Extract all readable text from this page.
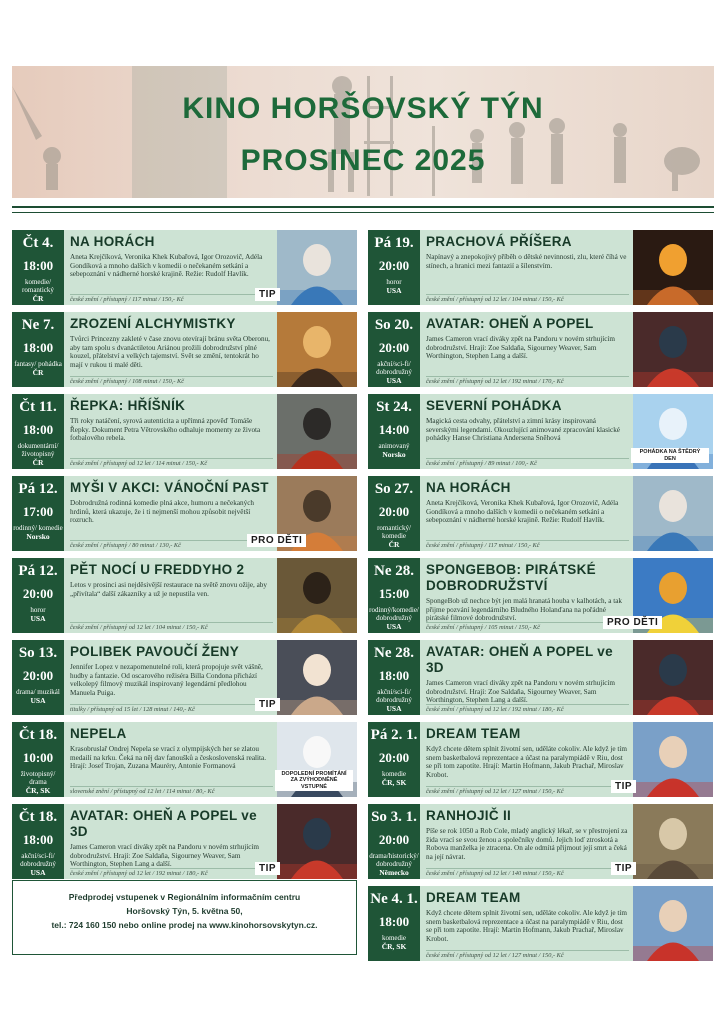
KINO HORŠOVSKÝ TÝN
PROSINEC 2025
Čt 4.
18:00
komedie/ romantický
ČR
NA HORÁCH
Aneta Krejčíková, Veronika Khek Kubařová, Igor Orozovič, Adéla Gondíková a mnoho dalších v komedii o nečekaném setkání a sebepoznání v nádherné horské krajině. Režie: Rudolf Havlík.
české znění / přístupný / 117 minut / 150,- Kč	TIP
Ne 7.
18:00
fantasy/ pohádka
ČR
ZROZENÍ ALCHYMISTKY
Tvůrci Princezny zakleté v čase znovu otevírají bránu světa Oberonu, aby tam spolu s dvanáctiletou Ariánou prožili dobrodružství plné kouzel, přátelství a velkých tajemství. Svět se změní, tentokrát ho mají v rukou ti malé děti.
české znění / přístupný / 108 minut / 150,- Kč
Čt 11.
18:00
dokumentární/ životopisný
ČR
ŘEPKA: HŘÍŠNÍK
Tři roky natáčení, syrová autenticita a upřímná zpověď Tomáše Řepky. Dokument Petra Větrovského odhaluje momenty ze života fotbalového rebela.
české znění / přístupný od 12 let / 114 minut / 150,- Kč
Pá 12.
17:00
rodinný/ komedie
Norsko
MYŠI V AKCI: VÁNOČNÍ PAST
Dobrodružná rodinná komedie plná akce, humoru a nečekaných hrdinů, která ukazuje, že i ti nejmenší mohou způsobit největší rozruch.
české znění / přístupný / 80 minut / 130,- Kč	PRO DĚTI
Pá 12.
20:00
horor
USA
PĚT NOCÍ U FREDDYHO 2
Letos v prosinci asi nejděsivější restaurace na světě znovu ožije, aby „přivítala“ další zákazníky a už je nepustila ven.
české znění / přístupný od 12 let / 104 minut / 150,- Kč
So 13.
20:00
drama/ muzikál
USA
POLIBEK PAVOUČÍ ŽENY
Jennifer Lopez v nezapomenutelné roli, která propojuje svět vášně, hudby a fantazie. Od oscarového režiséra Billa Condona přichází velkolepý filmový muzikál inspirovaný legendární předlohou Manuela Puiga.
titulky / přístupný od 15 let / 128 minut / 140,- Kč	TIP
Čt 18.
10:00
životopisný/ drama
ČR, SK
NEPELA
Krasobruslař Ondrej Nepela se vrací z olympijských her se zlatou medailí na krku. Čeká na něj dav fanoušků a československá realita. Hrají: Josef Trojan, Zuzana Mauréry, Antonie Formanová
slovenské znění / přístupný od 12 let / 114 minut / 80,- Kč
DOPOLEDNÍ PROMÍTÁNÍ ZA ZVÝHODNĚNÉ VSTUPNÉ
Čt 18.
18:00
akční/sci-fi/ dobrodružný
USA
AVATAR: OHEŇ A POPEL ve 3D
James Cameron vrací diváky zpět na Pandoru v novém strhujícím dobrodružství. Hrají: Zoe Saldaña, Sigourney Weaver, Sam Worthington, Stephen Lang a další.
české znění / přístupný od 12 let / 192 minut / 180,- Kč	TIP
Pá 19.
20:00
horor
USA
PRACHOVÁ PŘÍŠERA
Napínavý a znepokojivý příběh o dětské nevinnosti, zlu, které číhá ve stínech, a hranici mezi fantazií a šílenstvím.
české znění / přístupný od 12 let / 104 minut / 150,- Kč
So 20.
20:00
akční/sci-fi/ dobrodružný
USA
AVATAR: OHEŇ A POPEL
James Cameron vrací diváky zpět na Pandoru v novém strhujícím dobrodružství. Hrají: Zoe Saldaña, Sigourney Weaver, Sam Worthington, Stephen Lang a další.
české znění / přístupný od 12 let / 192 minut / 170,- Kč
St 24.
14:00
animovaný
Norsko
SEVERNÍ POHÁDKA
Magická cesta odvahy, přátelství a zimní krásy inspirovaná severskými legendami. Okouzlující animované zpracování klasické pohádky Hanse Christiana Andersena Sněhová
české znění / přístupný / 89 minut / 100,- Kč
POHÁDKA NA ŠTĚDRÝ DEN
So 27.
20:00
romantický/ komedie
ČR
NA HORÁCH
Aneta Krejčíková, Veronika Khek Kubařová, Igor Orozovič, Adéla Gondíková a mnoho dalších v komedii o nečekaném setkání a sebepoznání v nádherné horské krajině. Režie: Rudolf Havlík.
české znění / přístupný / 117 minut / 150,- Kč
Ne 28.
15:00
rodinný/komedie/ dobrodružný
USA
SPONGEBOB: PIRÁTSKÉ DOBRODRUŽSTVÍ
SpongeBob už nechce být jen malá hranatá houba v kalhotách, a tak přijme pozvání legendárního Bludného Holanďana na pořádné pirátské filmové dobrodružství.
české znění / přístupný / 105 minut / 150,- Kč	PRO DĚTI
Ne 28.
18:00
akční/sci-fi/ dobrodružný
USA
AVATAR: OHEŇ A POPEL ve 3D
James Cameron vrací diváky zpět na Pandoru v novém strhujícím dobrodružství. Hrají: Zoe Saldaña, Sigourney Weaver, Sam Worthington, Stephen Lang a další.
české znění / přístupný od 12 let / 192 minut / 180,- Kč
Pá 2. 1.
20:00
komedie
ČR, SK
DREAM TEAM
Když chcete dětem splnit životní sen, uděláte cokoliv. Ale když je tím snem basketbalová reprezentace a účast na paralympiádě v Riu, dost se při tom zapotíte. Hrají: Martin Hofmann, Jakub Prachař, Miroslav Krobot.
české znění / přístupný od 12 let / 127 minut / 150,- Kč	TIP
So 3. 1.
20:00
drama/historický/ dobrodružný
Německo
RANHOJIČ II
Píše se rok 1050 a Rob Cole, mladý anglický lékař, se v přestrojení za žida vrací se svou ženou a společníky domů. Jejich loď ztroskotá a Robova manželka je ztracena. On ale odmítá přijmout její smrt a čeká na její návrat.
české znění / přístupný od 12 let / 140 minut / 150,- Kč	TIP
Ne 4. 1.
18:00
komedie
ČR, SK
DREAM TEAM
Když chcete dětem splnit životní sen, uděláte cokoliv. Ale když je tím snem basketbalová reprezentace a účast na paralympiádě v Riu, dost se při tom zapotíte. Hrají: Martin Hofmann, Jakub Prachař, Miroslav Krobot.
české znění / přístupný od 12 let / 127 minut / 150,- Kč
Předprodej vstupenek v Regionálním informačním centru
Horšovský Týn, 5. května 50,
tel.: 724 160 150 nebo online prodej na www.kinohorsovskytyn.cz.
